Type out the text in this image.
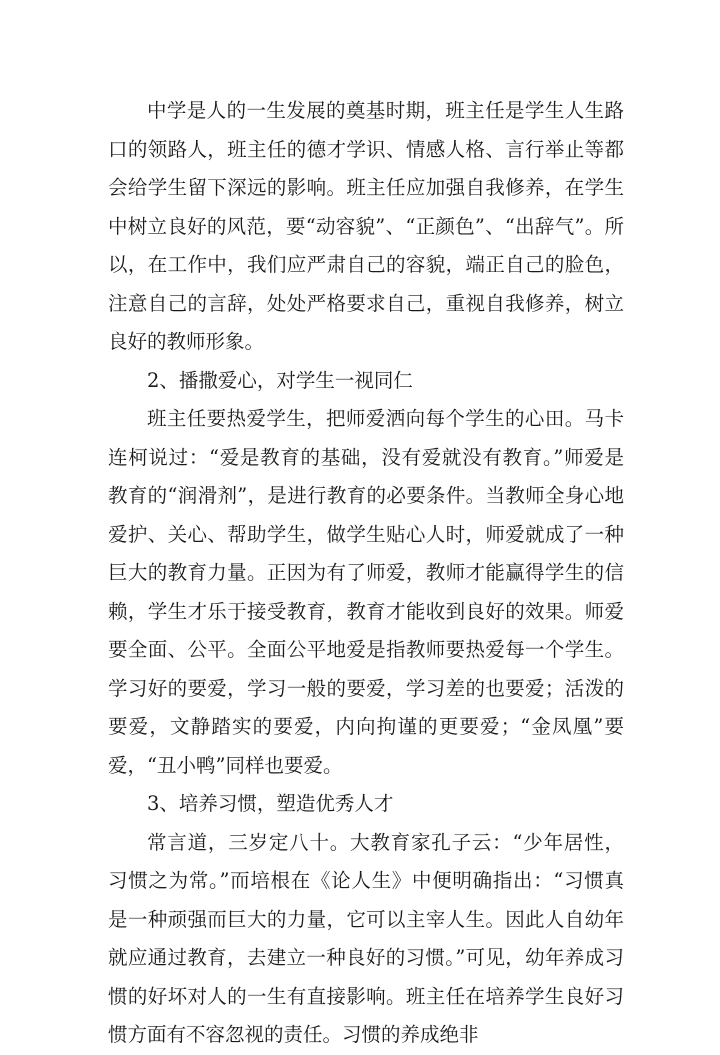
中学是人的一生发展的奠基时期，班主任是学生人生路口的领路人，班主任的德才学识、情感人格、言行举止等都会给学生留下深远的影响。班主任应加强自我修养，在学生中树立良好的风范，要“动容貌”、“正颜色”、“出辞气”。所以，在工作中，我们应严肃自己的容貌，端正自己的脸色，注意自己的言辞，处处严格要求自己，重视自我修养，树立良好的教师形象。

2、播撒爱心，对学生一视同仁

班主任要热爱学生，把师爱洒向每个学生的心田。马卡连柯说过：“爱是教育的基础，没有爱就没有教育。”师爱是教育的“润滑剂”，是进行教育的必要条件。当教师全身心地爱护、关心、帮助学生，做学生贴心人时，师爱就成了一种巨大的教育力量。正因为有了师爱，教师才能赢得学生的信赖，学生才乐于接受教育，教育才能收到良好的效果。师爱要全面、公平。全面公平地爱是指教师要热爱每一个学生。学习好的要爱，学习一般的要爱，学习差的也要爱；活泼的要爱，文静踏实的要爱，内向拘谨的更要爱；“金凤凰”要爱，“丑小鸭”同样也要爱。

3、培养习惯，塑造优秀人才

常言道，三岁定八十。大教育家孔子云：“少年居性，习惯之为常。”而培根在《论人生》中便明确指出：“习惯真是一种顽强而巨大的力量，它可以主宰人生。因此人自幼年就应通过教育，去建立一种良好的习惯。”可见，幼年养成习惯的好坏对人的一生有直接影响。班主任在培养学生良好习惯方面有不容忽视的责任。习惯的养成绝非
